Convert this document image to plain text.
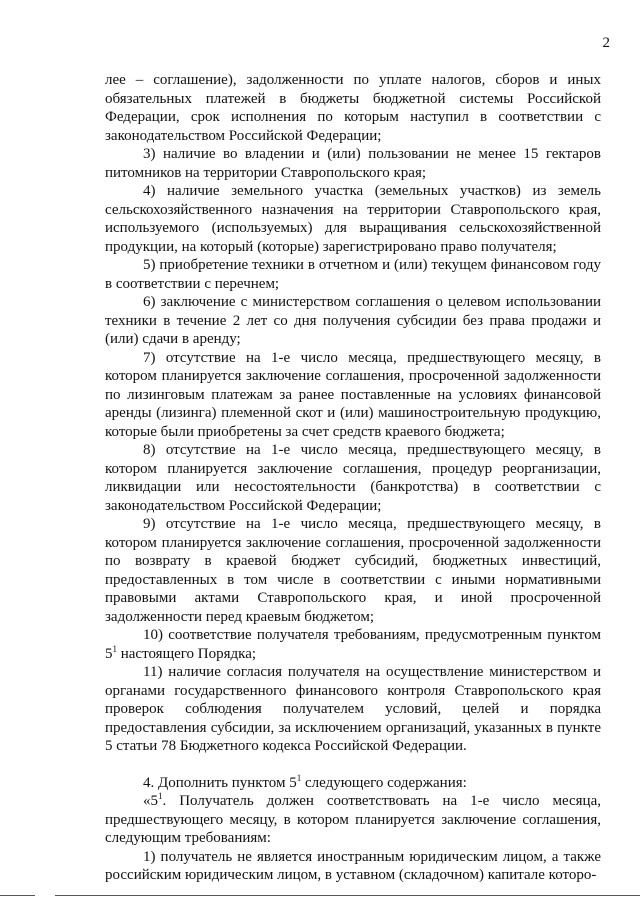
2

лее – соглашение), задолженности по уплате налогов, сборов и иных обязательных платежей в бюджеты бюджетной системы Российской Федерации, срок исполнения по которым наступил в соответствии с законодательством Российской Федерации;

3) наличие во владении и (или) пользовании не менее 15 гектаров питомников на территории Ставропольского края;

4) наличие земельного участка (земельных участков) из земель сельскохозяйственного назначения на территории Ставропольского края, используемого (используемых) для выращивания сельскохозяйственной продукции, на который (которые) зарегистрировано право получателя;

5) приобретение техники в отчетном и (или) текущем финансовом году в соответствии с перечнем;

6) заключение с министерством соглашения о целевом использовании техники в течение 2 лет со дня получения субсидии без права продажи и (или) сдачи в аренду;

7) отсутствие на 1-е число месяца, предшествующего месяцу, в котором планируется заключение соглашения, просроченной задолженности по лизинговым платежам за ранее поставленные на условиях финансовой аренды (лизинга) племенной скот и (или) машиностроительную продукцию, которые были приобретены за счет средств краевого бюджета;

8) отсутствие на 1-е число месяца, предшествующего месяцу, в котором планируется заключение соглашения, процедур реорганизации, ликвидации или несостоятельности (банкротства) в соответствии с законодательством Российской Федерации;

9) отсутствие на 1-е число месяца, предшествующего месяцу, в котором планируется заключение соглашения, просроченной задолженности по возврату в краевой бюджет субсидий, бюджетных инвестиций, предоставленных в том числе в соответствии с иными нормативными правовыми актами Ставропольского края, и иной просроченной задолженности перед краевым бюджетом;

10) соответствие получателя требованиям, предусмотренным пунктом $5^1$ настоящего Порядка;

11) наличие согласия получателя на осуществление министерством и органами государственного финансового контроля Ставропольского края проверок соблюдения получателем условий, целей и порядка предоставления субсидии, за исключением организаций, указанных в пункте 5 статьи 78 Бюджетного кодекса Российской Федерации.

4. Дополнить пунктом $5^1$ следующего содержания:

«$5^1$. Получатель должен соответствовать на 1-е число месяца, предшествующего месяцу, в котором планируется заключение соглашения, следующим требованиям:

1) получатель не является иностранным юридическим лицом, а также российским юридическим лицом, в уставном (складочном) капитале которо-
